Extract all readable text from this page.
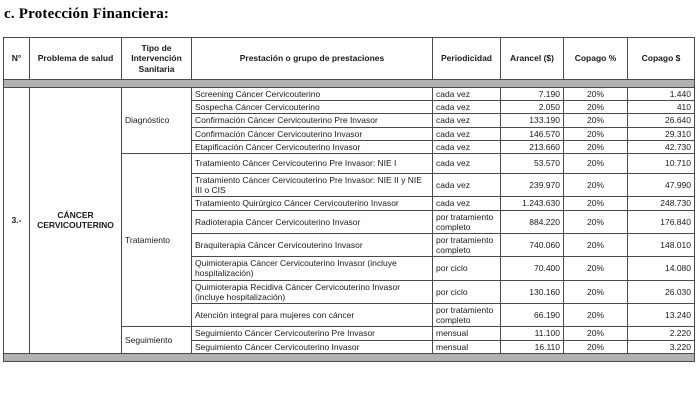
c. Protección Financiera:
N°	Problema de salud	Tipo de Intervención Sanitaria	Prestación o grupo de prestaciones	Periodicidad	Arancel ($)	Copago %	Copago $

3.-	CÁNCER CERVICOUTERINO	Diagnóstico	Screening Cáncer Cervicouterino	cada vez	7.190	20%	1.440
			Sospecha Cáncer Cervicouterino	cada vez	2.050	20%	410
			Confirmación Cáncer Cervicouterino Pre Invasor	cada vez	133.190	20%	26.640
			Confirmación Cáncer Cervicouterino Invasor	cada vez	146.570	20%	29.310
			Etapificación Cáncer Cervicouterino Invasor	cada vez	213.660	20%	42.730
		Tratamiento	Tratamiento Cáncer Cervicouterino Pre Invasor: NIE I	cada vez	53.570	20%	10.710
			Tratamiento Cáncer Cervicouterino Pre Invasor: NIE II y NIE III o CIS	cada vez	239.970	20%	47.990
			Tratamiento Quirúrgico Cáncer Cervicouterino Invasor	cada vez	1.243.630	20%	248.730
			Radioterapia Cáncer Cervicouterino Invasor	por tratamiento completo	884.220	20%	176.840
			Braquiterapia Cáncer Cervicouterino Invasor	por tratamiento completo	740.060	20%	148.010
			Quimioterapia Cáncer Cervicouterino Invasor (incluye hospitalización)	por ciclo	70.400	20%	14.080
			Quimioterapia Recidiva Cáncer Cervicouterino Invasor (incluye hospitalización)	por ciclo	130.160	20%	26.030
			Atención integral para mujeres con cáncer	por tratamiento completo	66.190	20%	13.240
		Seguimiento	Seguimiento Cáncer Cervicouterino Pre Invasor	mensual	11.100	20%	2.220
			Seguimiento Cáncer Cervicouterino Invasor	mensual	16.110	20%	3.220
